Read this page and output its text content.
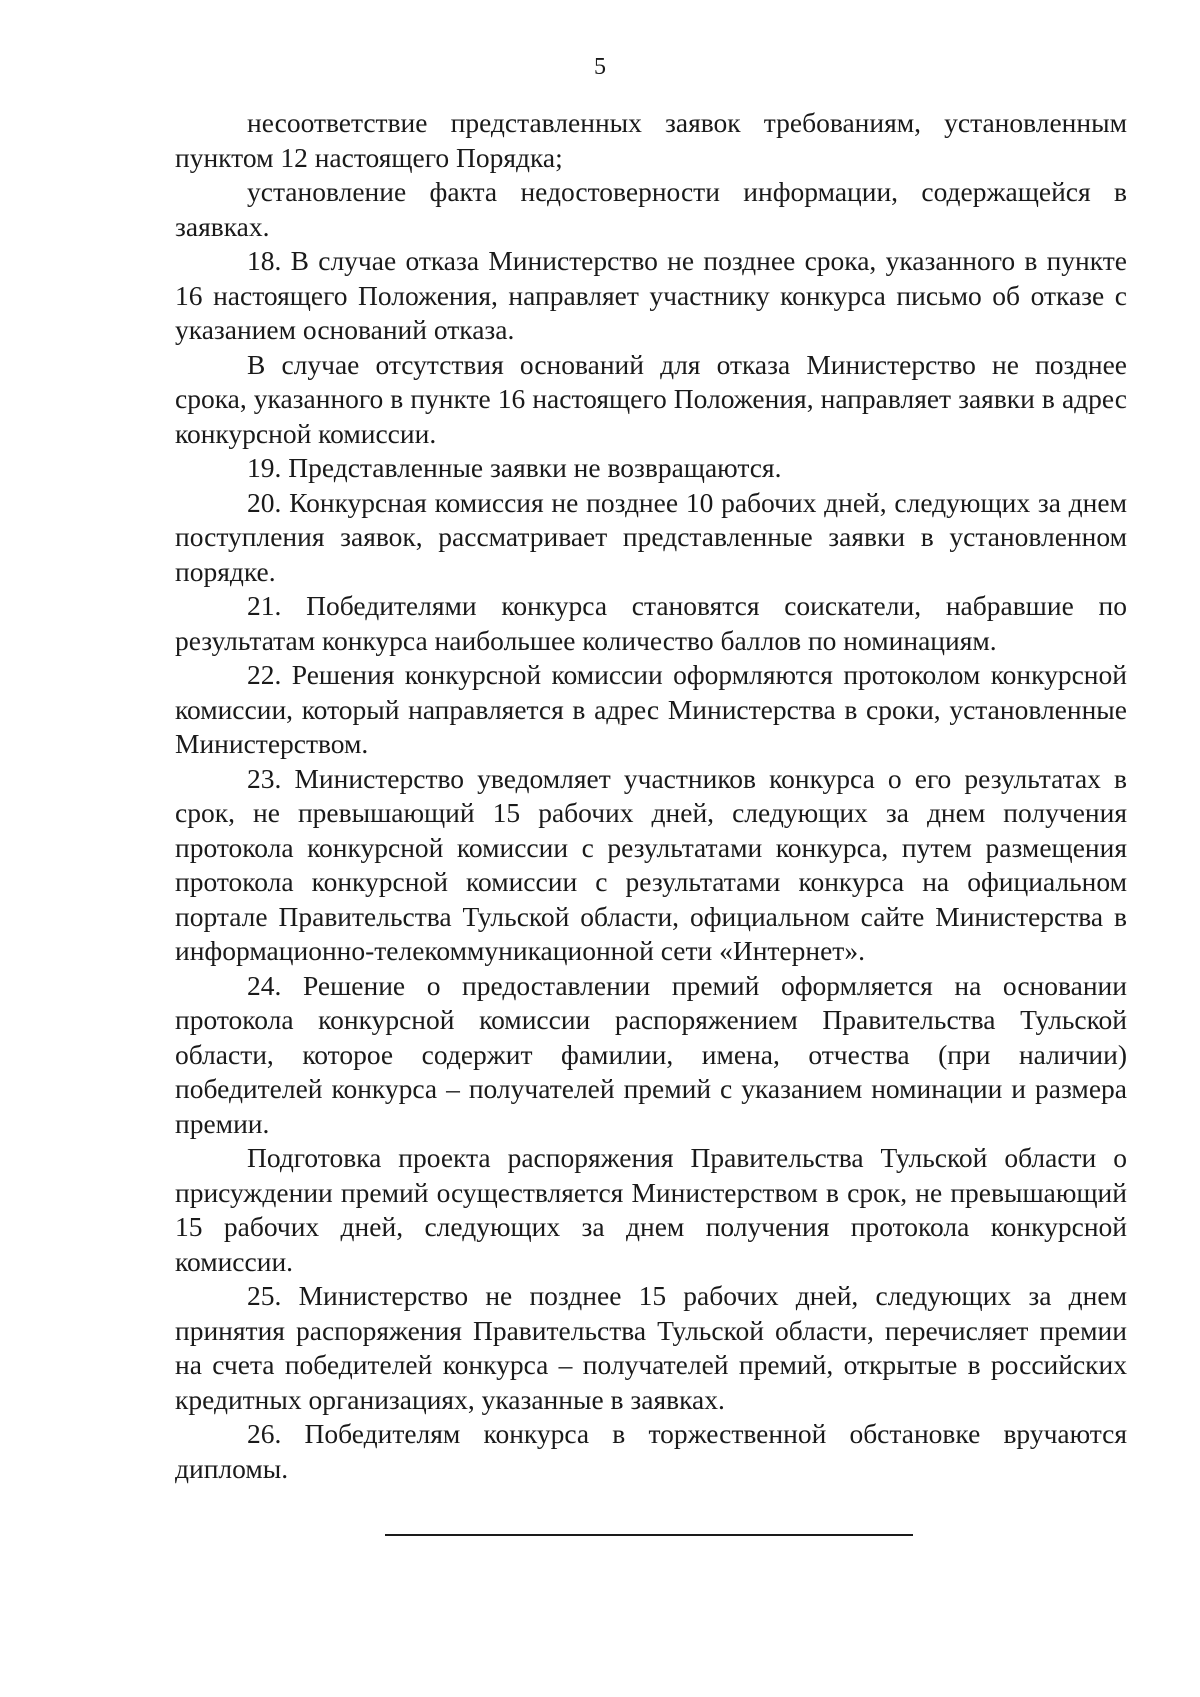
5

несоответствие представленных заявок требованиям, установленным пунктом 12 настоящего Порядка;

установление факта недостоверности информации, содержащейся в заявках.

18. В случае отказа Министерство не позднее срока, указанного в пункте 16 настоящего Положения, направляет участнику конкурса письмо об отказе с указанием оснований отказа.

В случае отсутствия оснований для отказа Министерство не позднее срока, указанного в пункте 16 настоящего Положения, направляет заявки в адрес конкурсной комиссии.

19. Представленные заявки не возвращаются.

20. Конкурсная комиссия не позднее 10 рабочих дней, следующих за днем поступления заявок, рассматривает представленные заявки в установленном порядке.

21. Победителями конкурса становятся соискатели, набравшие по результатам конкурса наибольшее количество баллов по номинациям.

22. Решения конкурсной комиссии оформляются протоколом конкурсной комиссии, который направляется в адрес Министерства в сроки, установленные Министерством.

23. Министерство уведомляет участников конкурса о его результатах в срок, не превышающий 15 рабочих дней, следующих за днем получения протокола конкурсной комиссии с результатами конкурса, путем размещения протокола конкурсной комиссии с результатами конкурса на официальном портале Правительства Тульской области, официальном сайте Министерства в информационно-телекоммуникационной сети «Интернет».

24. Решение о предоставлении премий оформляется на основании протокола конкурсной комиссии распоряжением Правительства Тульской области, которое содержит фамилии, имена, отчества (при наличии) победителей конкурса – получателей премий с указанием номинации и размера премии.

Подготовка проекта распоряжения Правительства Тульской области о присуждении премий осуществляется Министерством в срок, не превышающий 15 рабочих дней, следующих за днем получения протокола конкурсной комиссии.

25. Министерство не позднее 15 рабочих дней, следующих за днем принятия распоряжения Правительства Тульской области, перечисляет премии на счета победителей конкурса – получателей премий, открытые в российских кредитных организациях, указанные в заявках.

26. Победителям конкурса в торжественной обстановке вручаются дипломы.
